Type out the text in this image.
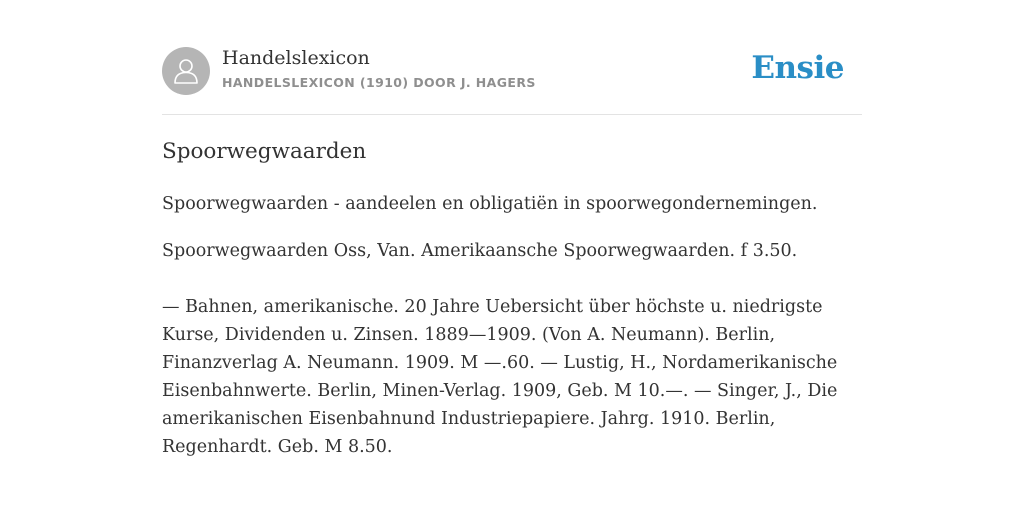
Handelslexicon
HANDELSLEXICON (1910) DOOR J. HAGERS	Ensie
Spoorwegwaarden

Spoorwegwaarden - aandeelen en obligatiën in spoorwegondernemingen.

Spoorwegwaarden Oss, Van. Amerikaansche Spoorwegwaarden. f 3.50.

— Bahnen, amerikanische. 20 Jahre Uebersicht über höchste u. niedrigste Kurse, Dividenden u. Zinsen. 1889—1909. (Von A. Neumann). Berlin, Finanzverlag A. Neumann. 1909. M —.60. — Lustig, H., Nordamerikanische Eisenbahnwerte. Berlin, Minen-Verlag. 1909, Geb. M 10.—. — Singer, J., Die amerikanischen Eisenbahnund Industriepapiere. Jahrg. 1910. Berlin, Regenhardt. Geb. M 8.50.
